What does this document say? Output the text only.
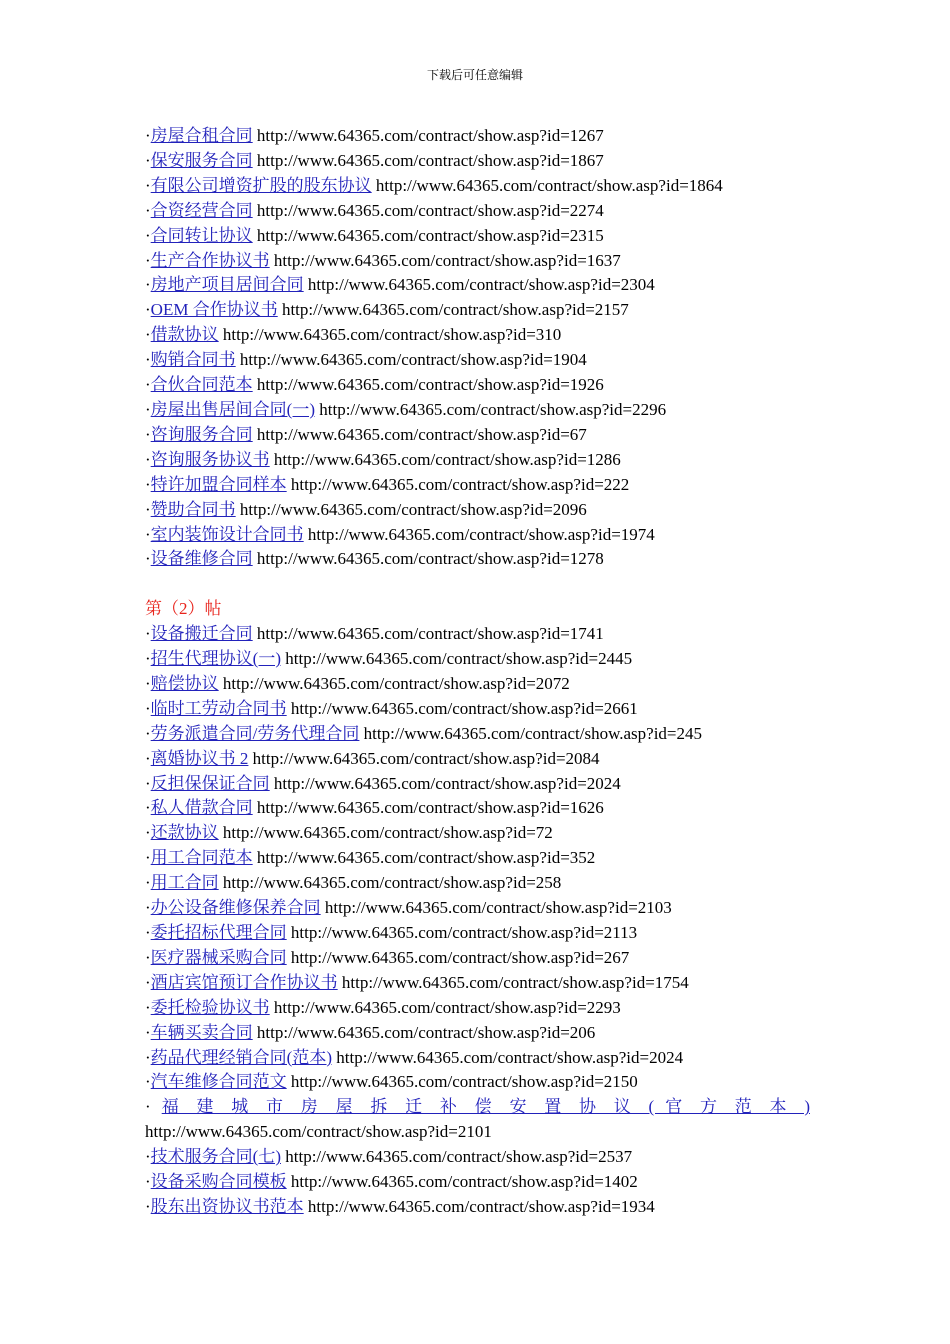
下载后可任意编辑
·房屋合租合同 http://www.64365.com/contract/show.asp?id=1267
·保安服务合同 http://www.64365.com/contract/show.asp?id=1867
·有限公司增资扩股的股东协议 http://www.64365.com/contract/show.asp?id=1864
·合资经营合同 http://www.64365.com/contract/show.asp?id=2274
·合同转让协议 http://www.64365.com/contract/show.asp?id=2315
·生产合作协议书 http://www.64365.com/contract/show.asp?id=1637
·房地产项目居间合同 http://www.64365.com/contract/show.asp?id=2304
·OEM 合作协议书 http://www.64365.com/contract/show.asp?id=2157
·借款协议 http://www.64365.com/contract/show.asp?id=310
·购销合同书 http://www.64365.com/contract/show.asp?id=1904
·合伙合同范本 http://www.64365.com/contract/show.asp?id=1926
·房屋出售居间合同(一) http://www.64365.com/contract/show.asp?id=2296
·咨询服务合同 http://www.64365.com/contract/show.asp?id=67
·咨询服务协议书 http://www.64365.com/contract/show.asp?id=1286
·特许加盟合同样本 http://www.64365.com/contract/show.asp?id=222
·赞助合同书 http://www.64365.com/contract/show.asp?id=2096
·室内装饰设计合同书 http://www.64365.com/contract/show.asp?id=1974
·设备维修合同 http://www.64365.com/contract/show.asp?id=1278
第（2）帖
·设备搬迁合同 http://www.64365.com/contract/show.asp?id=1741
·招生代理协议(一) http://www.64365.com/contract/show.asp?id=2445
·赔偿协议 http://www.64365.com/contract/show.asp?id=2072
·临时工劳动合同书 http://www.64365.com/contract/show.asp?id=2661
·劳务派遣合同/劳务代理合同 http://www.64365.com/contract/show.asp?id=245
·离婚协议书 2 http://www.64365.com/contract/show.asp?id=2084
·反担保保证合同 http://www.64365.com/contract/show.asp?id=2024
·私人借款合同 http://www.64365.com/contract/show.asp?id=1626
·还款协议 http://www.64365.com/contract/show.asp?id=72
·用工合同范本 http://www.64365.com/contract/show.asp?id=352
·用工合同 http://www.64365.com/contract/show.asp?id=258
·办公设备维修保养合同 http://www.64365.com/contract/show.asp?id=2103
·委托招标代理合同 http://www.64365.com/contract/show.asp?id=2113
·医疗器械采购合同 http://www.64365.com/contract/show.asp?id=267
·酒店宾馆预订合作协议书 http://www.64365.com/contract/show.asp?id=1754
·委托检验协议书 http://www.64365.com/contract/show.asp?id=2293
·车辆买卖合同 http://www.64365.com/contract/show.asp?id=206
·药品代理经销合同(范本) http://www.64365.com/contract/show.asp?id=2024
·汽车维修合同范文 http://www.64365.com/contract/show.asp?id=2150
· 福 建 城 市 房 屋 拆 迁 补 偿 安 置 协 议 ( 官 方 范 本 )
http://www.64365.com/contract/show.asp?id=2101
·技术服务合同(七) http://www.64365.com/contract/show.asp?id=2537
·设备采购合同模板 http://www.64365.com/contract/show.asp?id=1402
·股东出资协议书范本 http://www.64365.com/contract/show.asp?id=1934
